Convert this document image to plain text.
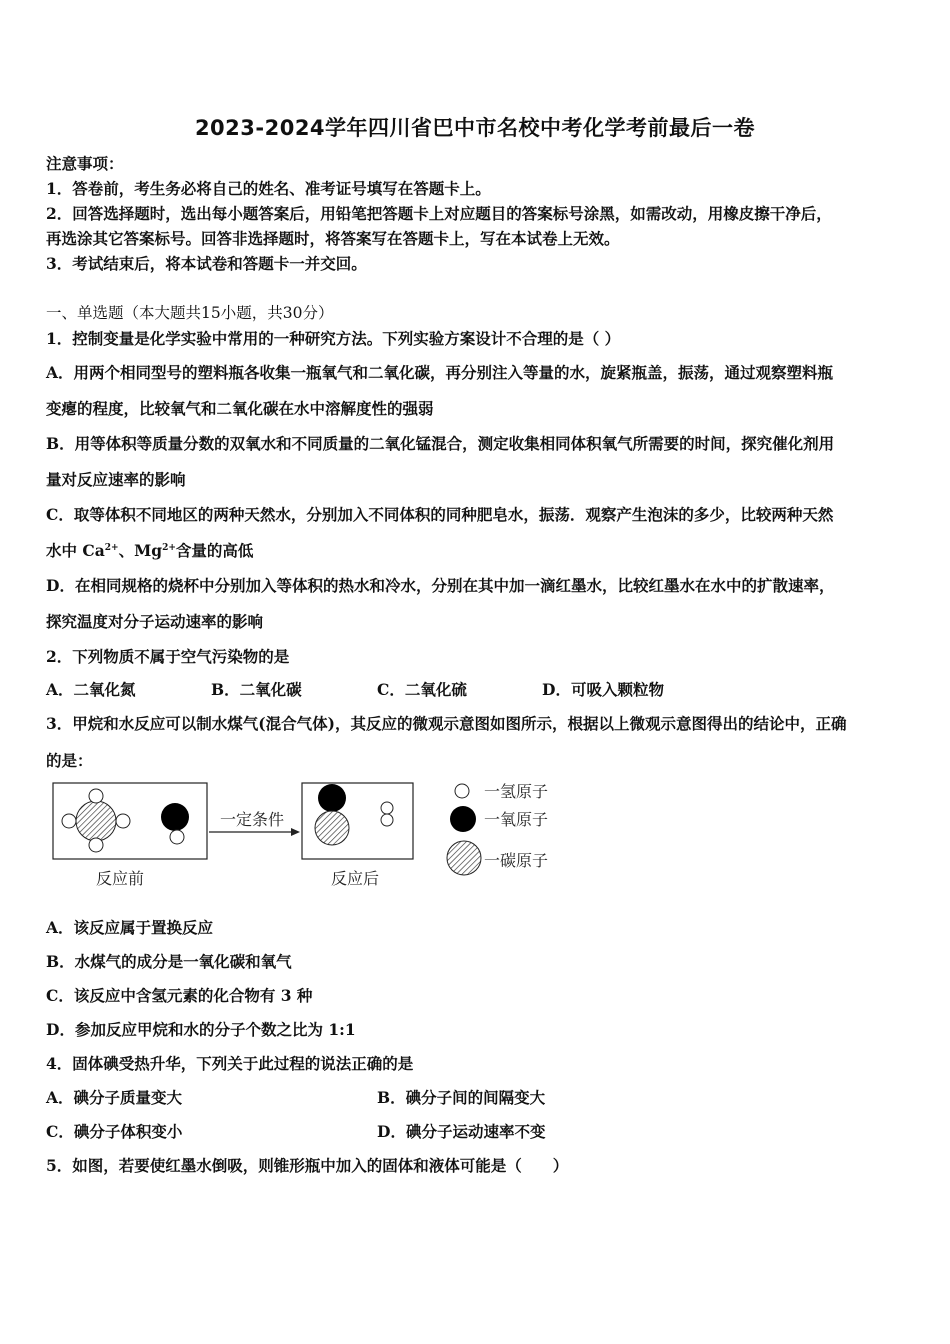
2023-2024学年四川省巴中市名校中考化学考前最后一卷
注意事项：
1．答卷前，考生务必将自己的姓名、准考证号填写在答题卡上。
2．回答选择题时，选出每小题答案后，用铅笔把答题卡上对应题目的答案标号涂黑，如需改动，用橡皮擦干净后，
再选涂其它答案标号。回答非选择题时，将答案写在答题卡上，写在本试卷上无效。
3．考试结束后，将本试卷和答题卡一并交回。
一、单选题（本大题共15小题，共30分）
1．控制变量是化学实验中常用的一种研究方法。下列实验方案设计不合理的是（ ）
A．用两个相同型号的塑料瓶各收集一瓶氧气和二氧化碳，再分别注入等量的水，旋紧瓶盖，振荡，通过观察塑料瓶
变瘪的程度，比较氧气和二氧化碳在水中溶解度性的强弱
B．用等体积等质量分数的双氧水和不同质量的二氧化锰混合，测定收集相同体积氧气所需要的时间，探究催化剂用
量对反应速率的影响
C．取等体积不同地区的两种天然水，分别加入不同体积的同种肥皂水，振荡．观察产生泡沫的多少，比较两种天然
水中 $Ca^{2+}$、$Mg^{2+}$含量的高低
D．在相同规格的烧杯中分别加入等体积的热水和冷水，分别在其中加一滴红墨水，比较红墨水在水中的扩散速率，
探究温度对分子运动速率的影响
2．下列物质不属于空气污染物的是
A．二氧化氮	B．二氧化碳	C．二氧化硫	D．可吸入颗粒物
3．甲烷和水反应可以制水煤气(混合气体)，其反应的微观示意图如图所示，根据以上微观示意图得出的结论中，正确
的是：
一定条件
反应前	反应后
一氢原子
一氧原子
一碳原子
A．该反应属于置换反应
B．水煤气的成分是一氧化碳和氧气
C．该反应中含氢元素的化合物有 3 种
D．参加反应甲烷和水的分子个数之比为 1:1
4．固体碘受热升华，下列关于此过程的说法正确的是
A．碘分子质量变大	B．碘分子间的间隔变大
C．碘分子体积变小	D．碘分子运动速率不变
5．如图，若要使红墨水倒吸，则锥形瓶中加入的固体和液体可能是（　　）
